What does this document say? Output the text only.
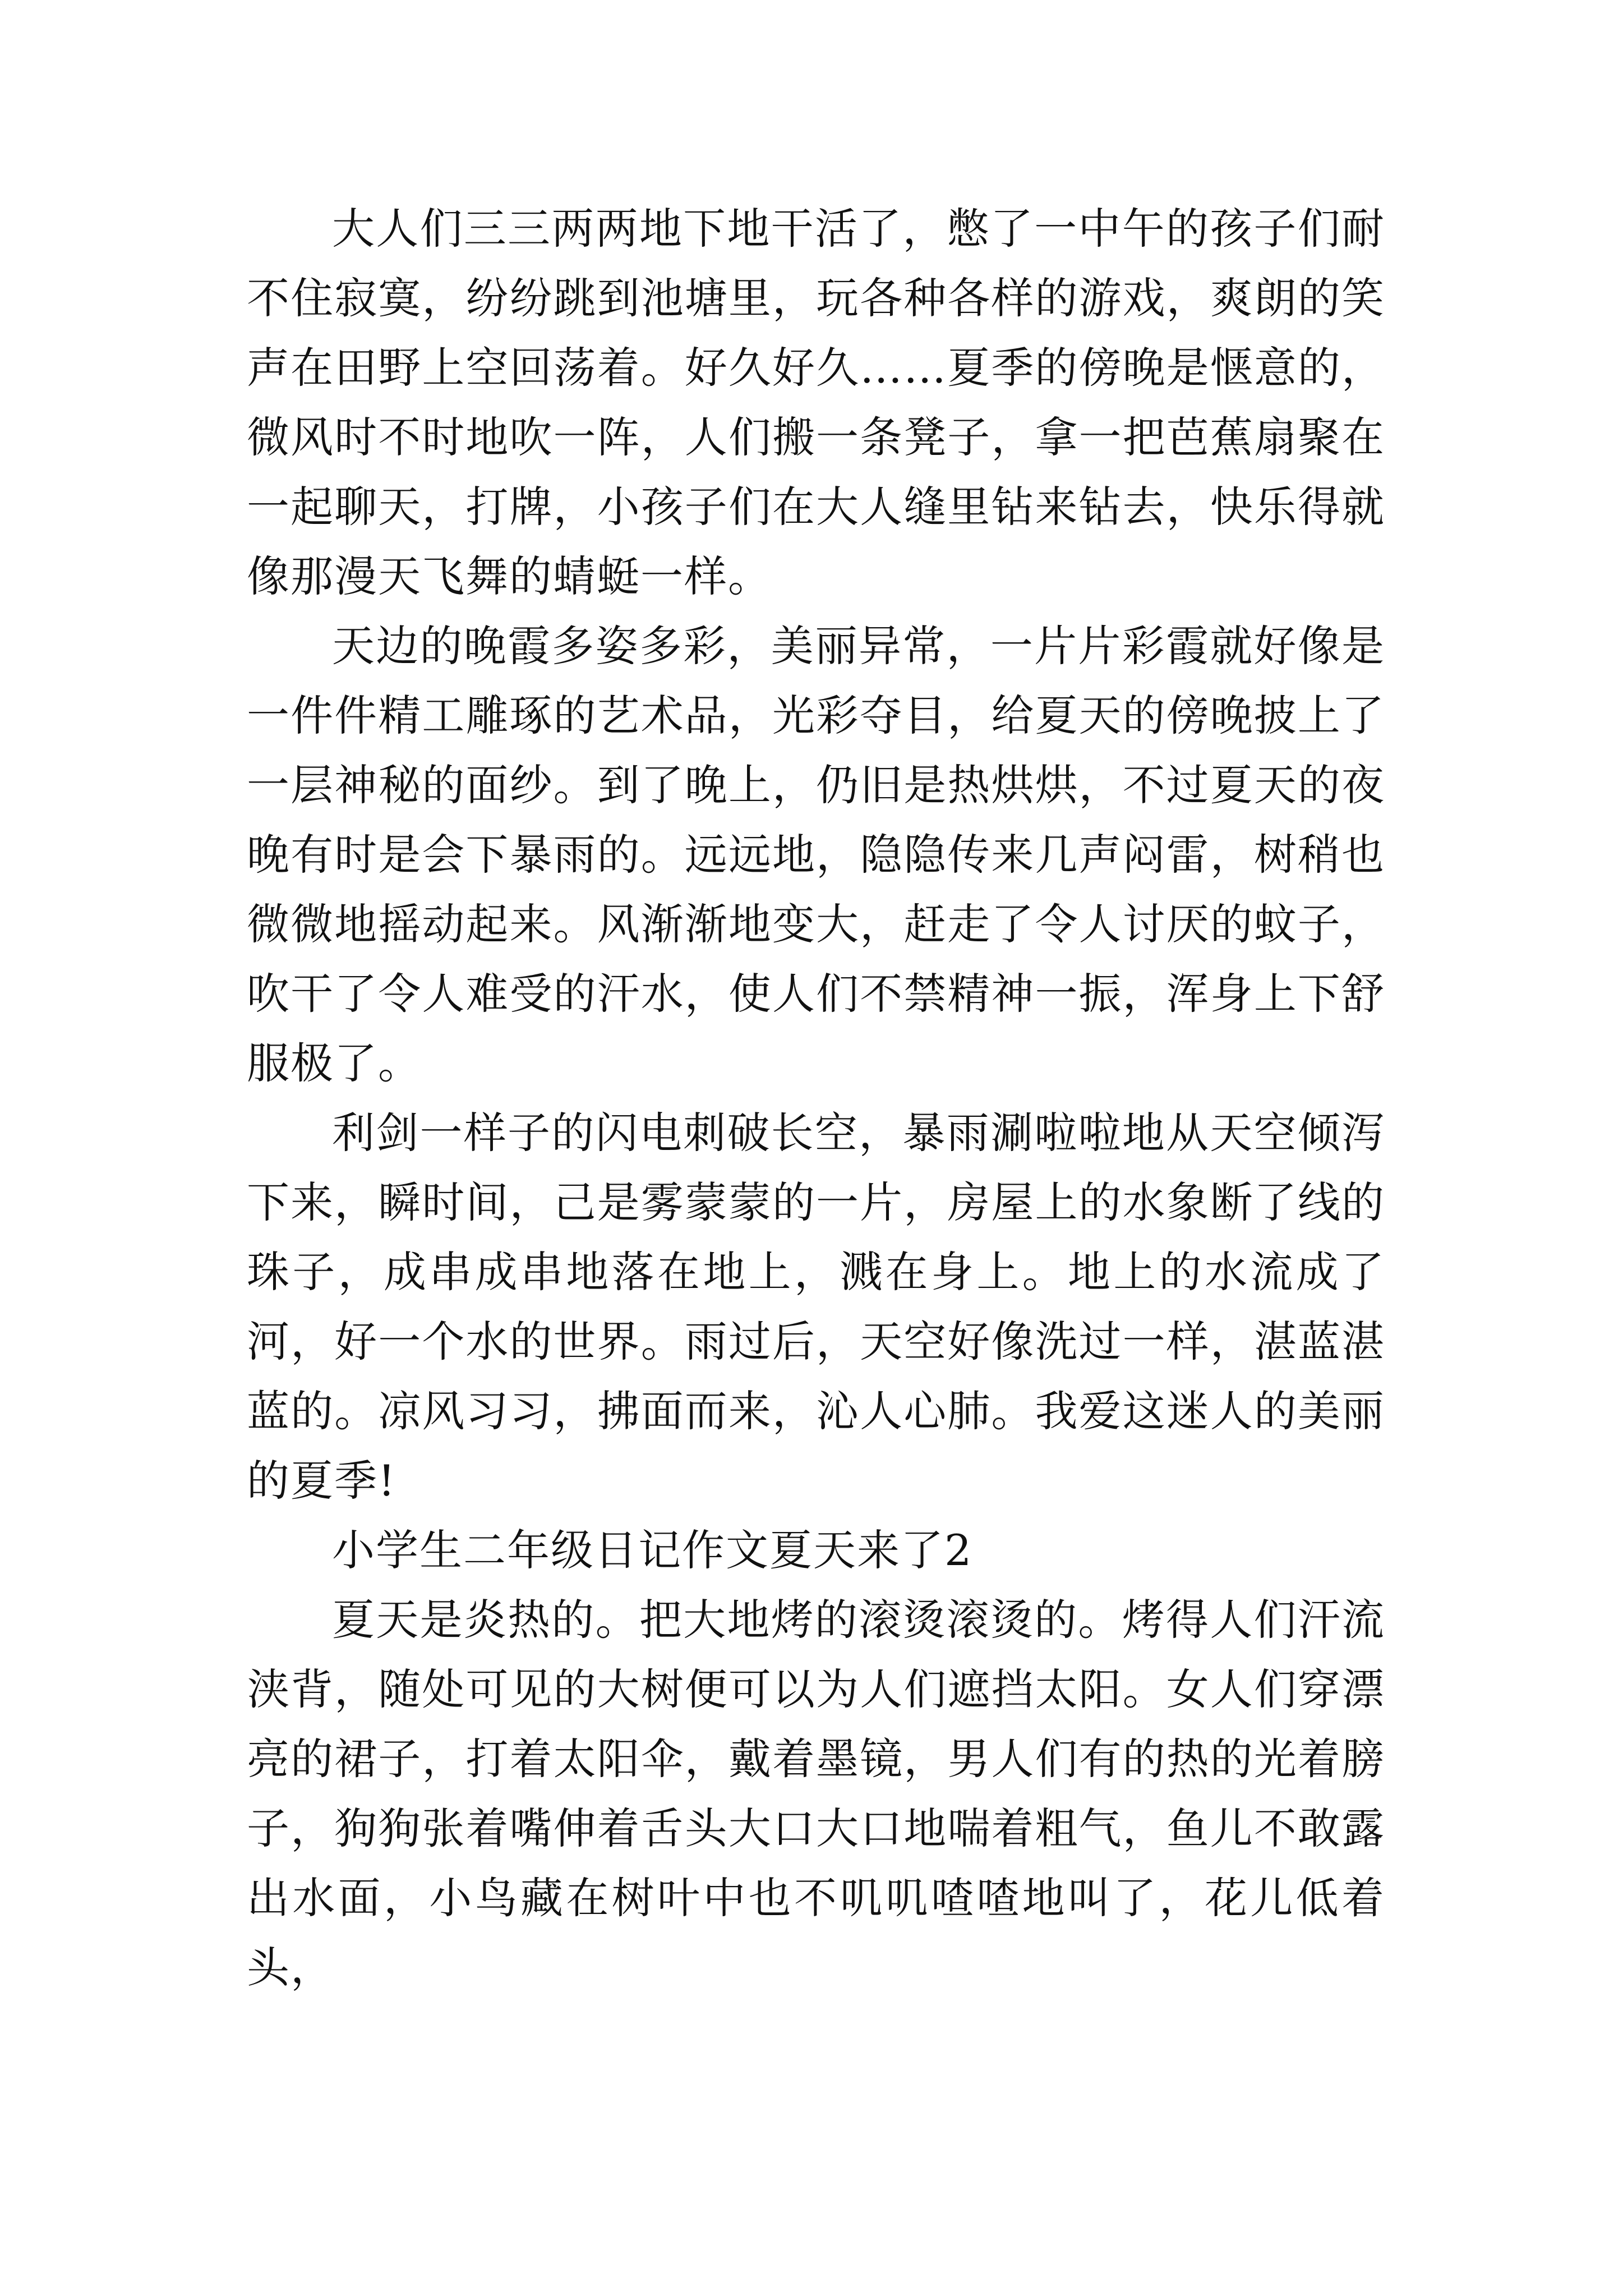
大人们三三两两地下地干活了，憋了一中午的孩子们耐不住寂寞，纷纷跳到池塘里，玩各种各样的游戏，爽朗的笑声在田野上空回荡着。好久好久……夏季的傍晚是惬意的，微风时不时地吹一阵，人们搬一条凳子，拿一把芭蕉扇聚在一起聊天，打牌，小孩子们在大人缝里钻来钻去，快乐得就像那漫天飞舞的蜻蜓一样。

天边的晚霞多姿多彩，美丽异常，一片片彩霞就好像是一件件精工雕琢的艺术品，光彩夺目，给夏天的傍晚披上了一层神秘的面纱。到了晚上，仍旧是热烘烘，不过夏天的夜晚有时是会下暴雨的。远远地，隐隐传来几声闷雷，树稍也微微地摇动起来。风渐渐地变大，赶走了令人讨厌的蚊子，吹干了令人难受的汗水，使人们不禁精神一振，浑身上下舒服极了。

利剑一样子的闪电刺破长空，暴雨涮啦啦地从天空倾泻下来，瞬时间，己是雾蒙蒙的一片，房屋上的水象断了线的珠子，成串成串地落在地上，溅在身上。地上的水流成了河，好一个水的世界。雨过后，天空好像洗过一样，湛蓝湛蓝的。凉风习习，拂面而来，沁人心肺。我爱这迷人的美丽的夏季!

小学生二年级日记作文夏天来了2

夏天是炎热的。把大地烤的滚烫滚烫的。烤得人们汗流浃背，随处可见的大树便可以为人们遮挡太阳。女人们穿漂亮的裙子，打着太阳伞，戴着墨镜，男人们有的热的光着膀子，狗狗张着嘴伸着舌头大口大口地喘着粗气，鱼儿不敢露出水面，小鸟藏在树叶中也不叽叽喳喳地叫了，花儿低着头，
